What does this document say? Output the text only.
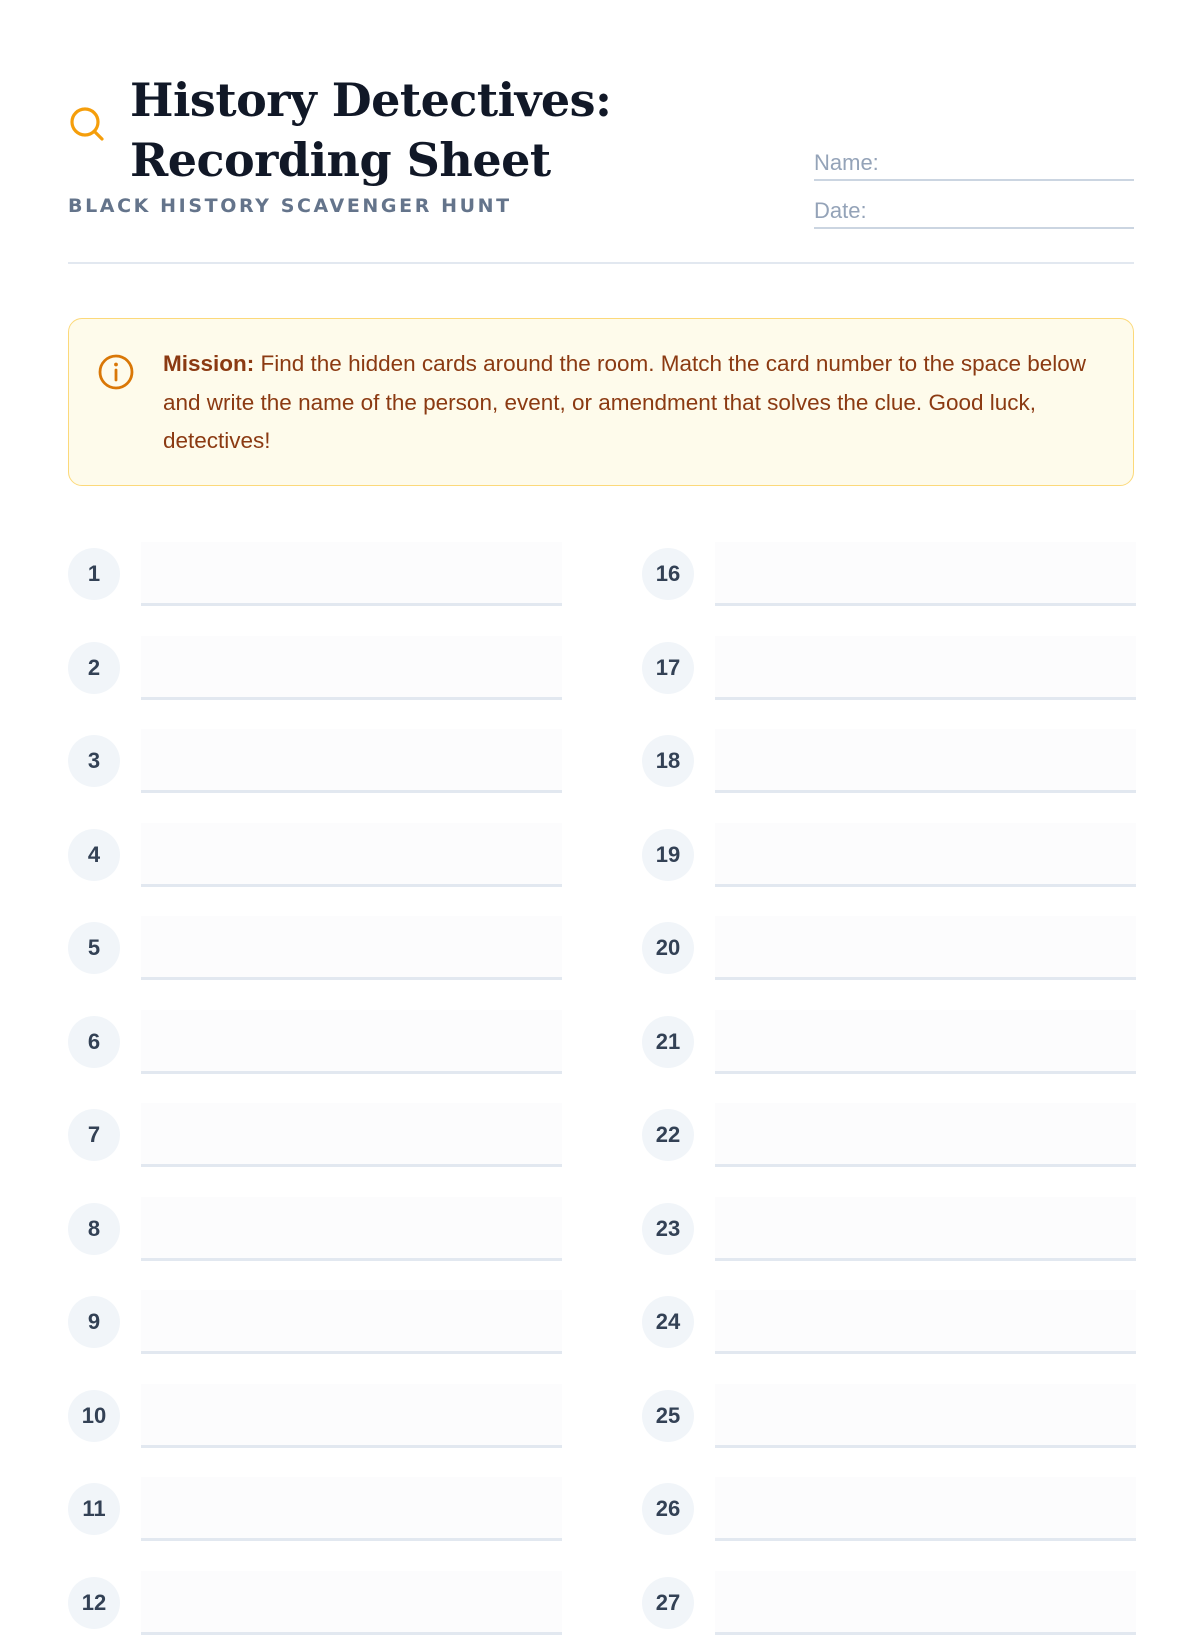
History Detectives:
Recording Sheet
BLACK HISTORY SCAVENGER HUNT
Name:
Date:

Mission: Find the hidden cards around the room. Match the card number to the space below and write the name of the person, event, or amendment that solves the clue. Good luck, detectives!

1
2
3
4
5
6
7
8
9
10
11
12
16
17
18
19
20
21
22
23
24
25
26
27
